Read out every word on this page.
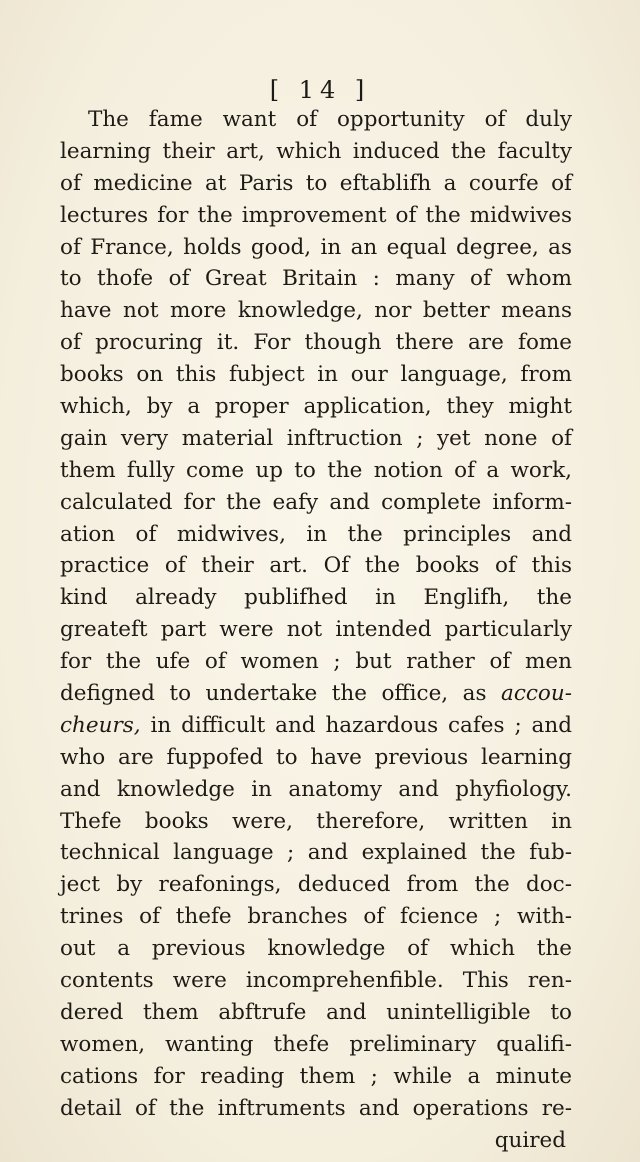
[ 14 ]
The fame want of opportunity of duly
learning their art, which induced the faculty
of medicine at Paris to eftablifh a courfe of
lectures for the improvement of the midwives
of France, holds good, in an equal degree, as
to thofe of Great Britain : many of whom
have not more knowledge, nor better means
of procuring it. For though there are fome
books on this fubject in our language, from
which, by a proper application, they might
gain very material inftruction ; yet none of
them fully come up to the notion of a work,
calculated for the eafy and complete inform-
ation of midwives, in the principles and
practice of their art. Of the books of this
kind already publifhed in Englifh, the
greateft part were not intended particularly
for the ufe of women ; but rather of men
defigned to undertake the office, as accou-
cheurs, in difficult and hazardous cafes ; and
who are fuppofed to have previous learning
and knowledge in anatomy and phyfiology.
Thefe books were, therefore, written in
technical language ; and explained the fub-
ject by reafonings, deduced from the doc-
trines of thefe branches of fcience ; with-
out a previous knowledge of which the
contents were incomprehenfible. This ren-
dered them abftrufe and unintelligible to
women, wanting thefe preliminary qualifi-
cations for reading them ; while a minute
detail of the inftruments and operations re-
quired
